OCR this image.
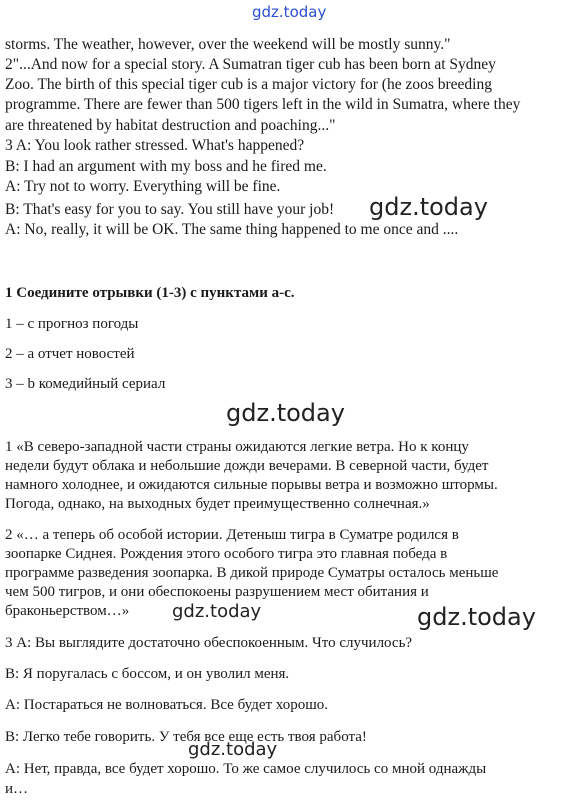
gdz.today
gdz.today
gdz.today
gdz.today	gdz.today
gdz.today
storms. The weather, however, over the weekend will be mostly sunny."
2"...And now for a special story. A Sumatran tiger cub has been born at Sydney
Zoo. The birth of this special tiger cub is a major victory for (he zoos breeding
programme. There are fewer than 500 tigers left in the wild in Sumatra, where they
are threatened by habitat destruction and poaching..."
3 A: You look rather stressed. What's happened?
B: I had an argument with my boss and he fired me.
A: Try not to worry. Everything will be fine.
B: That's easy for you to say. You still have your job!
A: No, really, it will be OK. The same thing happened to me once and ....
1 Соедините отрывки (1-3) с пунктами а-с.
1 – с прогноз погоды
2 – а отчет новостей
3 – b комедийный сериал
1 «В северо-западной части страны ожидаются легкие ветра. Но к концу
недели будут облака и небольшие дожди вечерами. В северной части, будет
намного холоднее, и ожидаются сильные порывы ветра и возможно штормы.
Погода, однако, на выходных будет преимущественно солнечная.»
2 «… а теперь об особой истории. Детеныш тигра в Суматре родился в
зоопарке Сиднея. Рождения этого особого тигра это главная победа в
программе разведения зоопарка. В дикой природе Суматры осталось меньше
чем 500 тигров, и они обеспокоены разрушением мест обитания и
браконьерством…»
3 А: Вы выглядите достаточно обеспокоенным. Что случилось?
В: Я поругалась с боссом, и он уволил меня.
А: Постараться не волноваться. Все будет хорошо.
В: Легко тебе говорить. У тебя все еще есть твоя работа!
А: Нет, правда, все будет хорошо. То же самое случилось со мной однажды
и…
